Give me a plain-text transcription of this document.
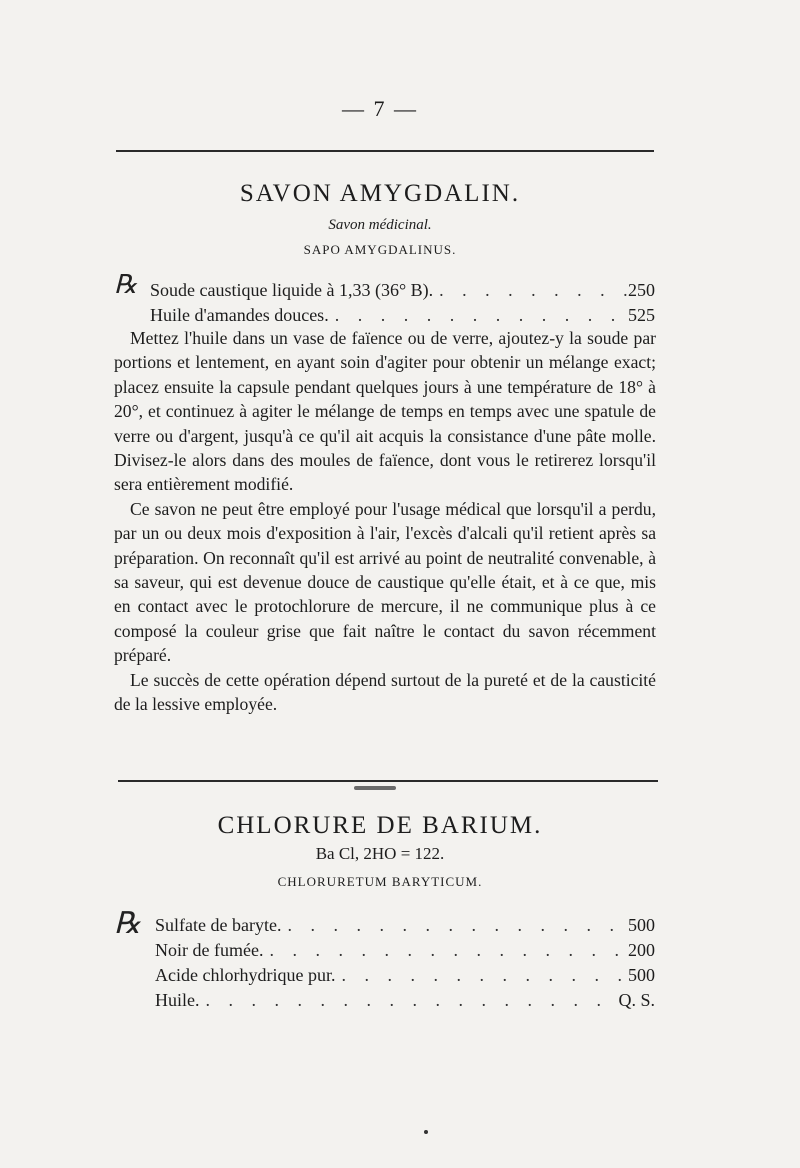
— 7 —
SAVON AMYGDALIN.
Savon médicinal.
SAPO AMYGDALINUS.
℞ Soude caustique liquide à 1,33 (36° B). . . .	250
Huile d'amandes douces. . . .	525

Mettez l'huile dans un vase de faïence ou de verre, ajoutez-y la soude par portions et lentement, en ayant soin d'agiter pour obtenir un mélange exact; placez ensuite la capsule pendant quelques jours à une température de 18° à 20°, et continuez à agiter le mélange de temps en temps avec une spatule de verre ou d'argent, jusqu'à ce qu'il ait acquis la consistance d'une pâte molle. Divisez-le alors dans des moules de faïence, dont vous le retirerez lorsqu'il sera entièrement modifié.

Ce savon ne peut être employé pour l'usage médical que lorsqu'il a perdu, par un ou deux mois d'exposition à l'air, l'excès d'alcali qu'il retient après sa préparation. On reconnaît qu'il est arrivé au point de neutralité convenable, à sa saveur, qui est devenue douce de caustique qu'elle était, et à ce que, mis en contact avec le protochlorure de mercure, il ne communique plus à ce composé la couleur grise que fait naître le contact du savon récemment préparé.

Le succès de cette opération dépend surtout de la pureté et de la causticité de la lessive employée.

CHLORURE DE BARIUM.
Ba Cl, 2HO = 122.
CHLORURETUM BARYTICUM.
℞ Sulfate de baryte. . . .	500
Noir de fumée. . . .	200
Acide chlorhydrique pur. . . .	500
Huile. . . .	Q. S.
